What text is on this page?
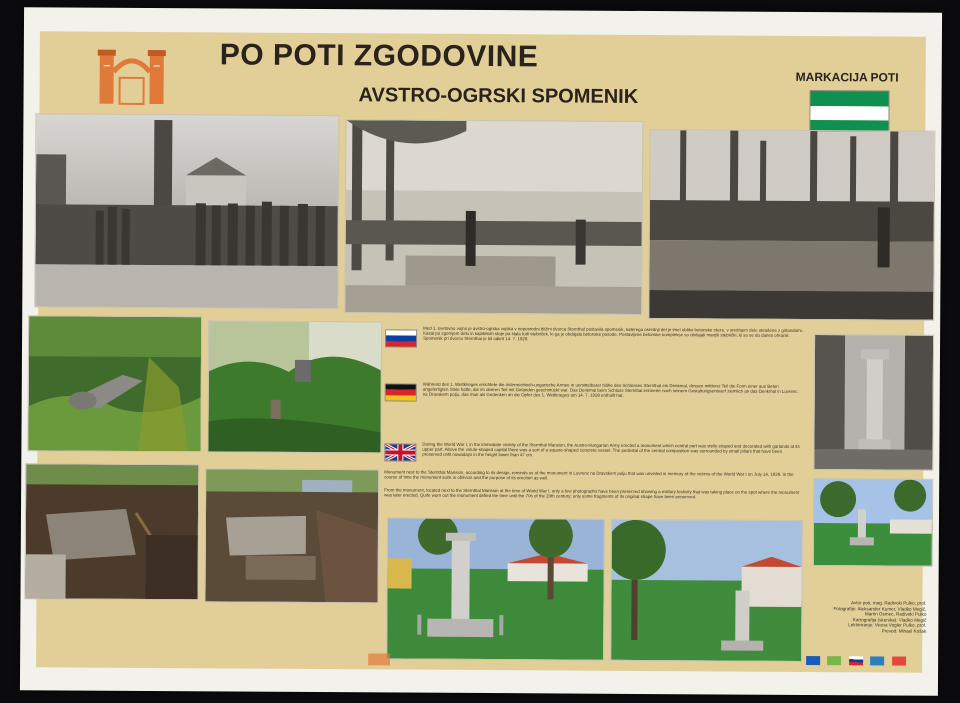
PO POTI ZGODOVINE
AVSTRO-OGRSKI SPOMENIK
MARKACIJA POTI
Med 1. svetovno vojno je avstro-ogrska vojska v neposredni bližini dvorca Sternthal postavila spomenik, katerega osrednji del je imel obliko betonske steze, v srednjem delu okrašene z girlandami. Kasal po zgornjem delu in kapitelom stoje pa stala tudi stebriček, ki ga je obdajala betonske posode. Postavlјene betonske komplekse so obdajali manjši stebrički, ki so se do danes ohranili. Spomenik pri dvorcu Sternthal je bil odkrit 14. 7. 1929.
Während des 1. Weltkrieges errichtete die österreichisch-ungarische Armee in unmittelbarer Nähe des Schlosses Sternthal ein Denkmal, dessen mittlerer Teil die Form einer aus Beton angefertigten Stele hatte, die im oberen Teil mit Girlanden geschmückt war. Das Denkmal beim Schloss Sternthal erinnerte noch seinem Gestaltungsentwurf ziemlich an das Denkmal in Lovrenc na Dravskem polju, das man als Gedenken an die Opfer des 1. Weltkrieges am 14. 7. 1929 enthüllt hat.
During the World War I, in the immediate vicinity of the Sternthal Mansion, the Austro-Hungarian Army erected a monument which central part was stelly shaped and decorated with garlands at its upper part. Above the volute-shaped capital there was a sort of a square-shaped concrete vessel. The pedestal of the central composition was surrounded by small pillars that have been preserved until nowadays in the height lower than 47 cm.
Monument next to the Sternthal Mansion, according to its design, reminds us of the monument in Lovrenc na Dravskem polju that was unveiled in memory of the victims of the World War I on July 14, 1929. In the course of time the monument sunk in oblivion and the purpose of its erection as well.
From the monument, located next to the Sternthal Mansion at the time of World War I, only a few photographs have been preserved showing a military festivity that was taking place on the spot where the monument was later erected. Quite worn out the monument defied the time until the 70s of the 20th century; only some fragments of its original shape have been preserved.
Avtor poti, mag. Radivoki Pulko, prof.
Fotografije: Aleksander Kumer, Vladko Megič,
Martin Osmec, Radivoki Pulko
Kartografija (skenika): Vladko Megič
Lektoriranje: Vesna Vogler Pulko, prof.
Prevod: Mihael Košak
